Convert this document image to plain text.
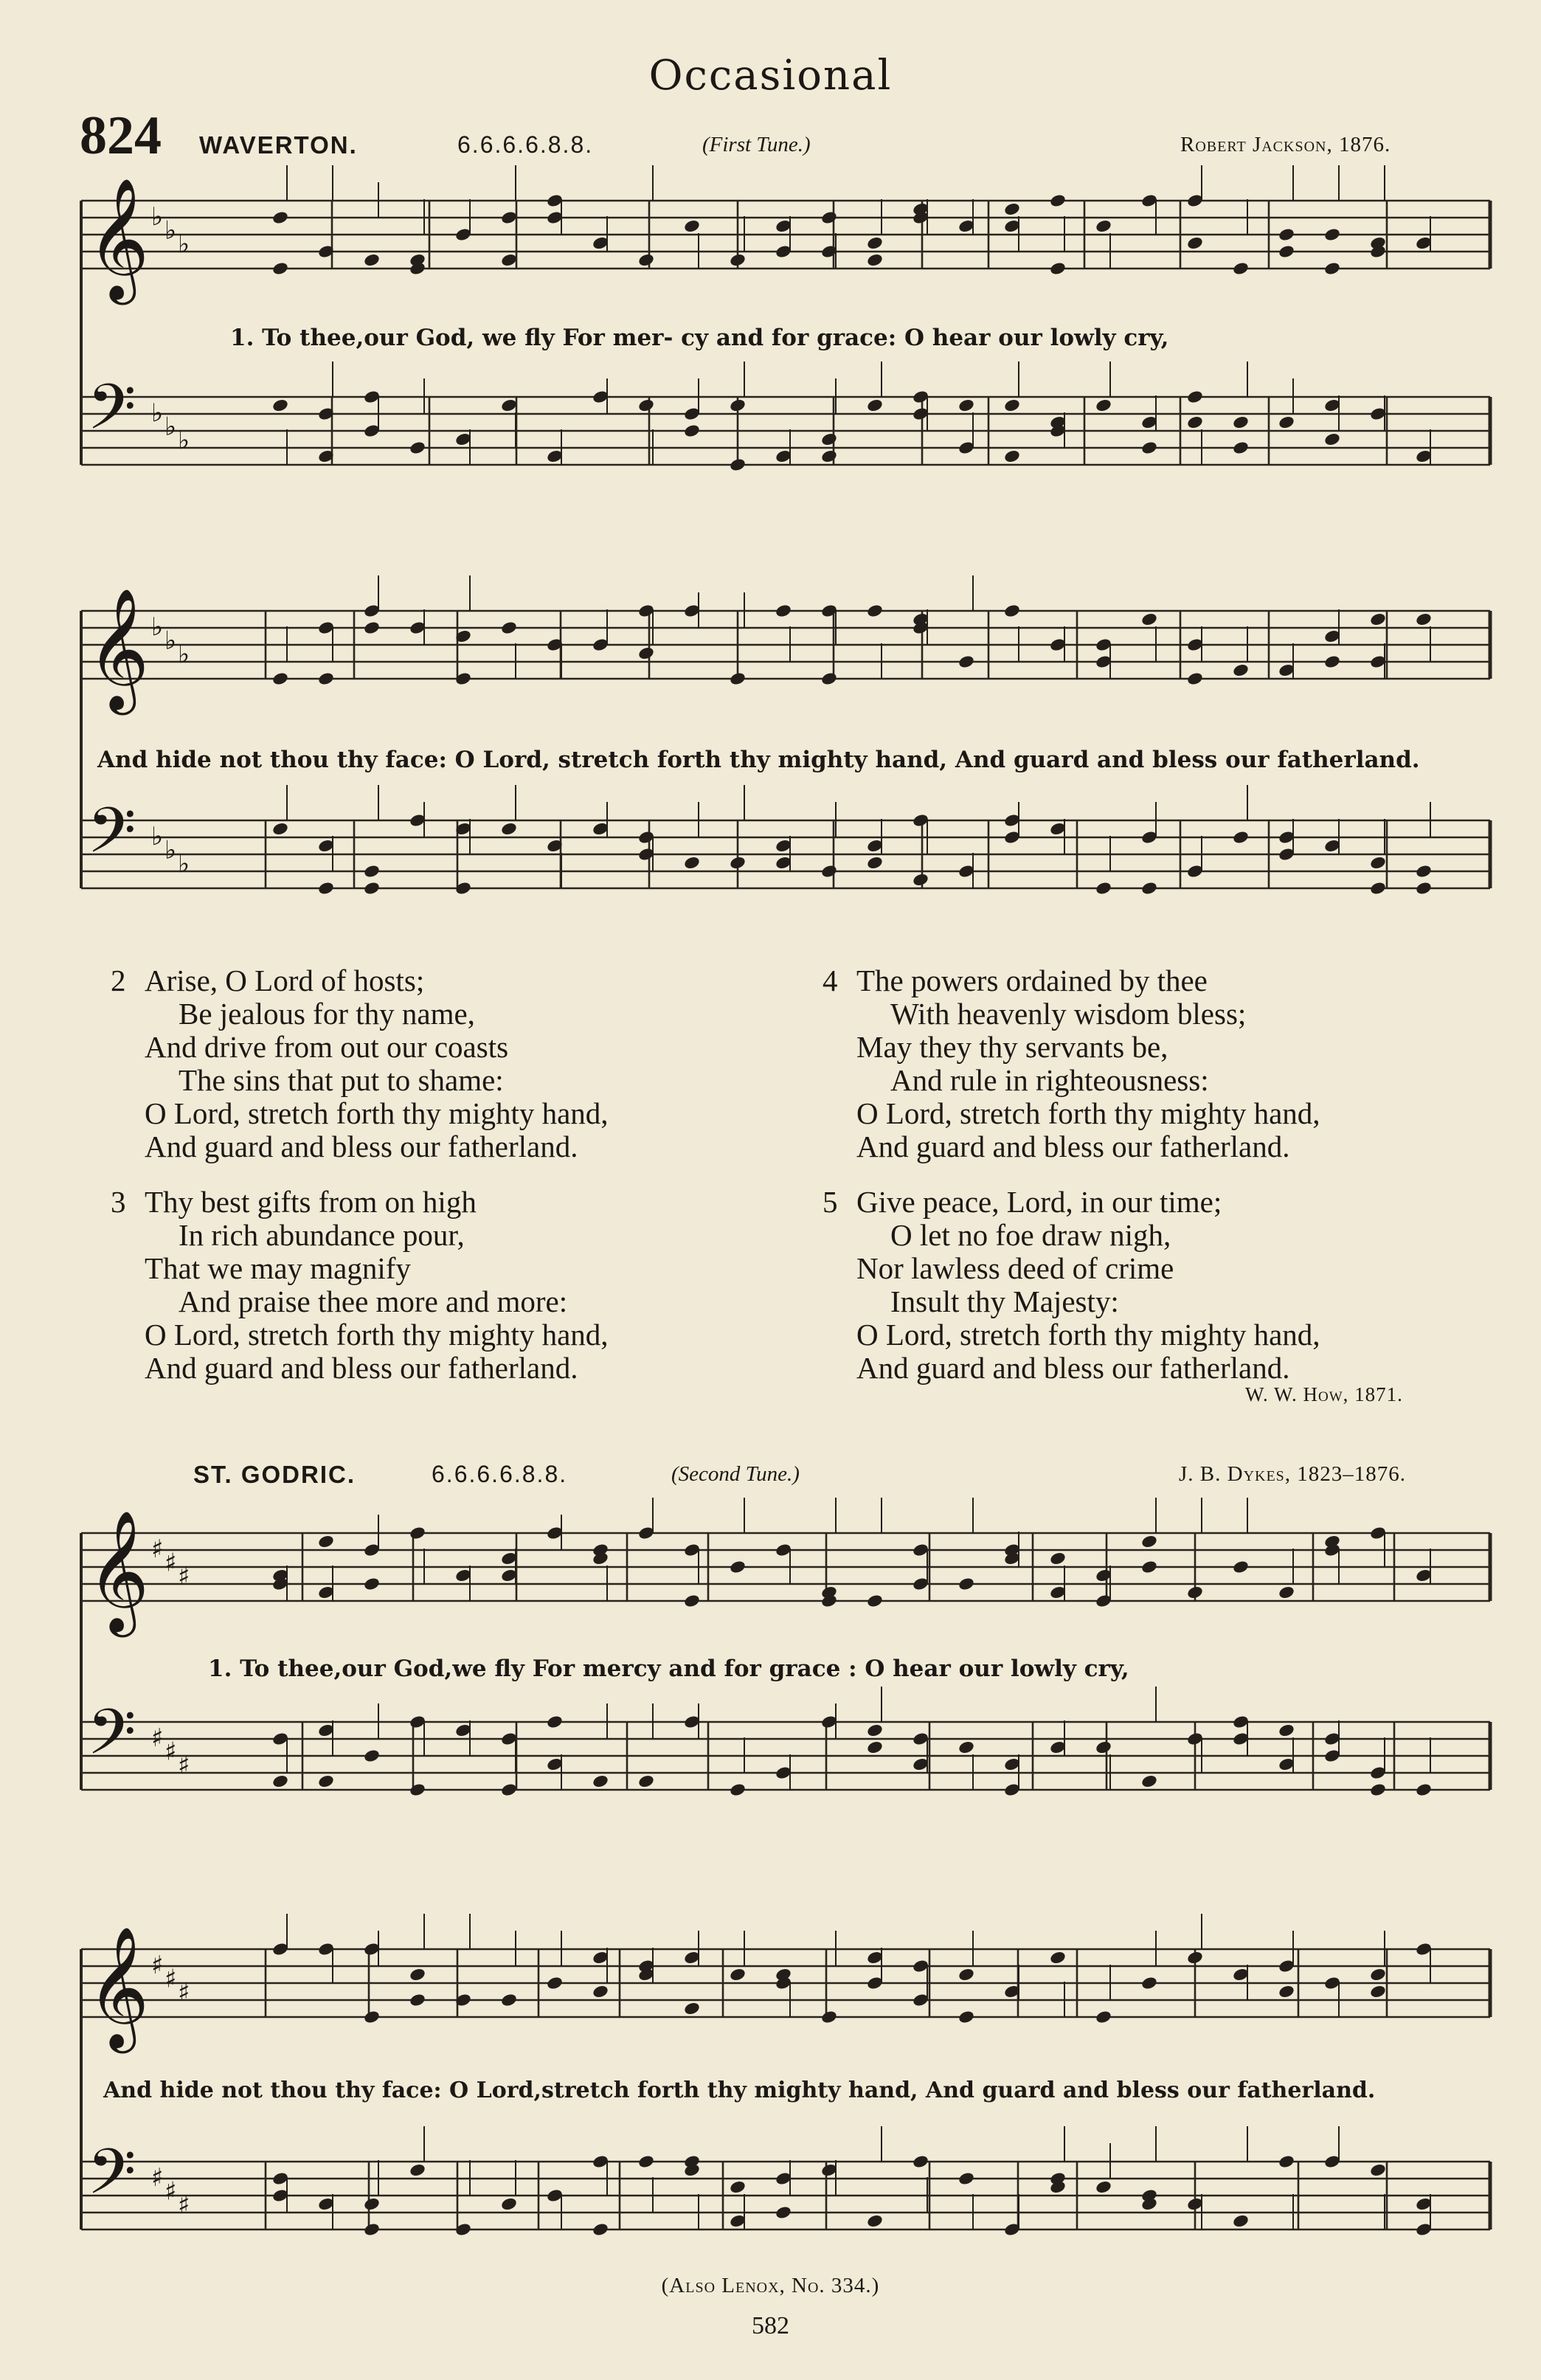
Occasional
824 WAVERTON.	6.6.6.6.8.8.	(First Tune.)	Robert Jackson, 1876.
𝄞
𝄢
♭
♭
♭
♭
♭
♭
𝄞
𝄢
♭
♭
♭
♭
♭
♭
1. To thee,our God, we fly For mer- cy and for grace: O hear our lowly cry,
And hide not thou thy face: O Lord, stretch forth thy mighty hand, And guard and bless our fatherland.
2 Arise, O Lord of hosts;
Be jealous for thy name,
And drive from out our coasts
The sins that put to shame:
O Lord, stretch forth thy mighty hand,
And guard and bless our fatherland.
3 Thy best gifts from on high
In rich abundance pour,
That we may magnify
And praise thee more and more:
O Lord, stretch forth thy mighty hand,
And guard and bless our fatherland.
4 The powers ordained by thee
With heavenly wisdom bless;
May they thy servants be,
And rule in righteousness:
O Lord, stretch forth thy mighty hand,
And guard and bless our fatherland.
5 Give peace, Lord, in our time;
O let no foe draw nigh,
Nor lawless deed of crime
Insult thy Majesty:
O Lord, stretch forth thy mighty hand,
And guard and bless our fatherland.
W. W. How, 1871.
ST. GODRIC.	6.6.6.6.8.8.	(Second Tune.)	J. B. Dykes, 1823–1876.
𝄞
𝄢
♯
♯
♯
♯
♯
♯
𝄞
𝄢
♯
♯
♯
♯
♯
♯
1. To thee,our God,we fly For mercy and for grace : O hear our lowly cry,
And hide not thou thy face: O Lord,stretch forth thy mighty hand, And guard and bless our fatherland.
(Also Lenox, No. 334.)
582
